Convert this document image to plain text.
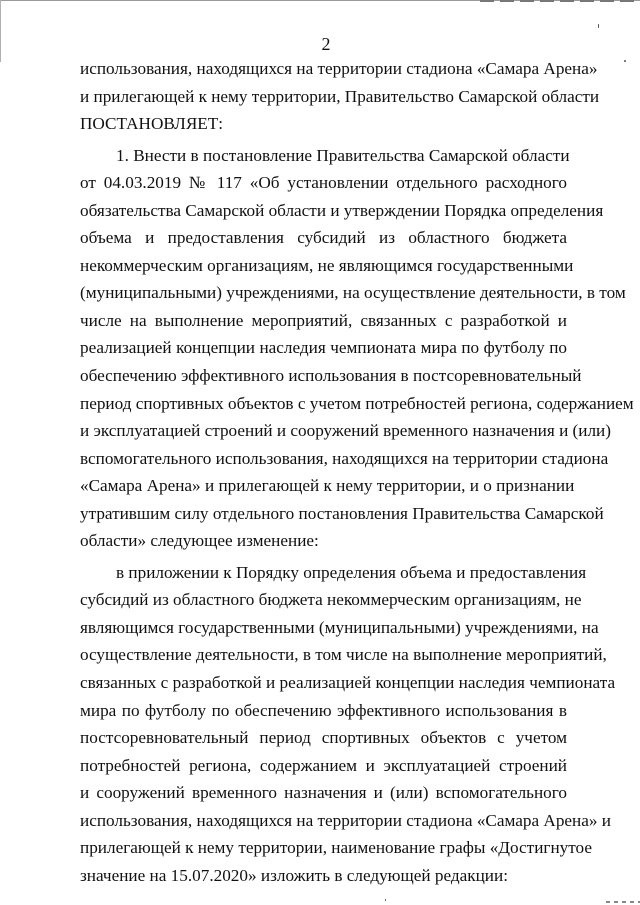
2
использования, находящихся на территории стадиона «Самара Арена»
и прилегающей к нему территории, Правительство Самарской области
ПОСТАНОВЛЯЕТ:
1. Внести в постановление Правительства Самарской области
от 04.03.2019 № 117 «Об установлении отдельного расходного
обязательства Самарской области и утверждении Порядка определения
объема и предоставления субсидий из областного бюджета
некоммерческим организациям, не являющимся государственными
(муниципальными) учреждениями, на осуществление деятельности, в том
числе на выполнение мероприятий, связанных с разработкой и
реализацией концепции наследия чемпионата мира по футболу по
обеспечению эффективного использования в постсоревновательный
период спортивных объектов с учетом потребностей региона, содержанием
и эксплуатацией строений и сооружений временного назначения и (или)
вспомогательного использования, находящихся на территории стадиона
«Самара Арена» и прилегающей к нему территории, и о признании
утратившим силу отдельного постановления Правительства Самарской
области» следующее изменение:
в приложении к Порядку определения объема и предоставления
субсидий из областного бюджета некоммерческим организациям, не
являющимся государственными (муниципальными) учреждениями, на
осуществление деятельности, в том числе на выполнение мероприятий,
связанных с разработкой и реализацией концепции наследия чемпионата
мира по футболу по обеспечению эффективного использования в
постсоревновательный период спортивных объектов с учетом
потребностей региона, содержанием и эксплуатацией строений
и сооружений временного назначения и (или) вспомогательного
использования, находящихся на территории стадиона «Самара Арена» и
прилегающей к нему территории, наименование графы «Достигнутое
значение на 15.07.2020» изложить в следующей редакции:
